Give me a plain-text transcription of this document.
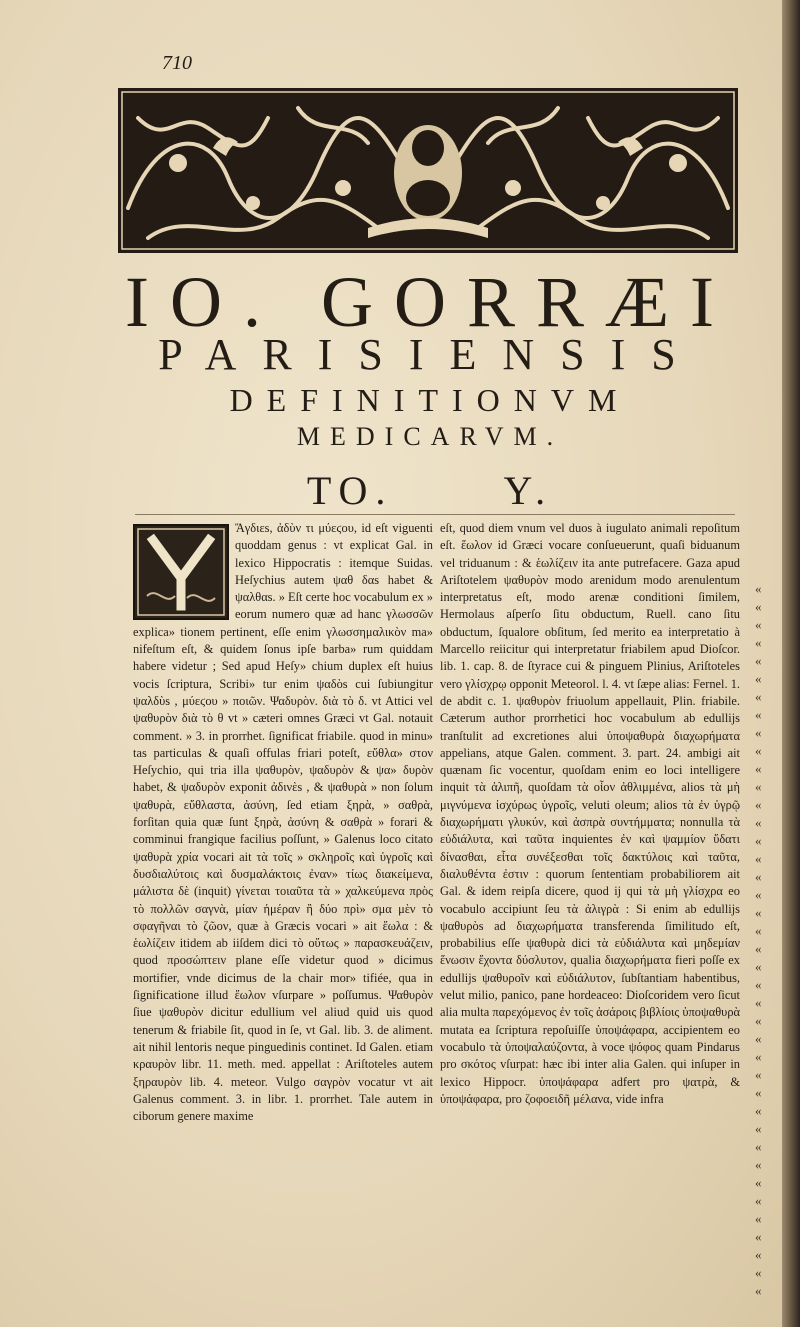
710
IO. GORRÆI
PARISIENSIS
DEFINITIONVM
MEDICARVM.
TO.	Y.

Ἄγδιεs, ἀδὺν τι μύεϛου, id eſt viguenti quoddam genus : vt explicat Gal. in lexico Hippocratis : itemque Suidas. Heſychius autem ψαθ δαs habet & ψαλθαs. » Eſt certe hoc vocabulum ex » eorum numero quæ ad hanc γλωσσῶν explica» tionem pertinent, eſſe enim γλωσσημαλικὸν ma» nifeſtum eſt, & quidem ſonus ipſe barba» rum quiddam habere videtur ; Sed apud Heſy» chium duplex eſt huius vocis ſcriptura, Scribi» tur enim ψαδὸs cui ſubiungitur ψαλδὺs , μύεϛου » ποιῶν. Ψαδυρὸν. διὰ τὸ δ. vt Attici vel ψαθυρὸν διὰ τὸ θ vt » cæteri omnes Græci vt Gal. notauit comment. » 3. in prorrhet. ſignificat friabile. quod in minu» tas particulas & quaſi offulas friari poteſt, εὔθλα» στον Heſychio, qui tria illa ψαθυρὸν, ψαδυρὸν & ψα» δυρὸν habet, & ψαδυρὸν exponit ἀδινὲs , & ψαθυρὰ » non ſolum ψαθυρὰ, εὔθλαστα, ἀσύνη, ſed etiam ξηρὰ, » σαθρὰ, forſitan quia quæ ſunt ξηρὰ, ἀσύνη & σαθρὰ » forari & comminui frangique facilius poſſunt, » Galenus loco citato ψαθυρὰ χρία vocari ait τὰ τοῖς » σκληροῖς καὶ ὑγροῖς καὶ δυσδιαλύτοις καὶ δυσμαλάκτοις ἐναν» τίως διακείμενα, μάλιστα δὲ (inquit) γίνεται τοιαῦτα τὰ » χαλκεύμενα πρὸς τὸ πολλῶν σαγνὰ, μίαν ἡμέραν ἢ δύο πρὶ» σμα μὲν τὸ σφαγῆναι τὸ ζῶον, quæ à Græcis vocari » ait ἕωλα : & ἑωλίζειν itidem ab iiſdem dici τὸ οὕτως » παρασκευάζειν, quod προσώπτειν plane eſſe videtur quod » dicimus mortifier, vnde dicimus de la chair mor» tifiée, qua in ſignificatione illud ἕωλον vſurpare » poſſumus. Ψαθυρὸν ſiue ψαθυρὸν dicitur edullium vel aliud quid uis quod tenerum & friabile ſit, quod in ſe, vt Gal. lib. 3. de aliment. ait nihil lentoris neque pinguedinis continet. Id Galen. etiam κραυρὸν libr. 11. meth. med. appellat : Ariſtoteles autem ξηραυρὸν lib. 4. meteor. Vulgo σαγρὸν vocatur vt ait Galenus comment. 3. in libr. 1. prorrhet. Tale autem in ciborum genere maxime

eſt, quod diem vnum vel duos à iugulato animali repoſitum eſt. ἕωλον id Græci vocare conſueuerunt, quaſi biduanum vel triduanum : & ἑωλίζειν ita ante putrefacere. Gaza apud Ariſtotelem ψαθυρὸν modo arenidum modo arenulentum interpretatus eſt, modo arenæ conditioni ſimilem, Hermolaus aſperſo ſitu obductum, Ruell. cano ſitu obductum, ſqualore obſitum, ſed merito ea interpretatio à Marcello reiicitur qui interpretatur friabilem apud Dioſcor. lib. 1. cap. 8. de ſtyrace cui & pinguem Plinius, Ariſtoteles vero γλίσχρῳ opponit Meteorol. l. 4. vt ſæpe alias: Fernel. 1. de abdit c. 1. ψαθυρὸν friuolum appellauit, Plin. friabile. Cæterum author prorrhetici hoc vocabulum ab edullijs tranſtulit ad excretiones alui ὑποψαθυρὰ διαχωρήματα appelians, atque Galen. comment. 3. part. 24. ambigi ait quænam ſic vocentur, quoſdam enim eo loci intelligere inquit τὰ ἀλιπῆ, quoſdam τὰ οἷον ἀθλιμμένα, alios τὰ μὴ μιγνύμενα ἰσχύρως ὑγροῖς, veluti oleum; alios τὰ ἐν ὑγρῷ διαχωρήματι γλυκύν, καὶ ἀσπρὰ συντήμματα; nonnulla τὰ εὐδιάλυτα, καὶ ταῦτα inquientes ἐν καὶ ψαμμίον ὕδατι δίνασθαι, εἶτα συνέξεσθαι τοῖς δακτύλοις καὶ ταῦτα, διαλυθέντα ἐστιν : quorum ſententiam probabiliorem ait Gal. & idem reipſa dicere, quod ij qui τὰ μὴ γλίσχρα eo vocabulo accipiunt ſeu τὰ ἀλιγρὰ : Si enim ab edullijs ψαθυρὸs ad διαχωρήματα transferenda ſimilitudo eſt, probabilius eſſe ψαθυρὰ dici τὰ εὐδιάλυτα καὶ μηδεμίαν ἕνωσιν ἔχοντα δύσλυτον, qualia διαχωρήματα fieri poſſe ex edullijs ψαθυροῖν καὶ εὐδιάλυτον, ſubſtantiam habentibus, velut milio, panico, pane hordeaceo: Dioſcoridem vero ſicut alia multa παρεχόμενος ἐν τοῖς ἀσάροις βιβλίοις ὑποψαθυρὰ mutata ea ſcriptura repoſuiſſe ὑποψάφαρα, accipientem eo vocabulo τὰ ὑποψαλαύζοντα, à voce ψόφος quam Pindarus pro σκότος vſurpat: hæc ibi inter alia Galen. qui inſuper in lexico Hippocr. ὑποψάφαρα adfert pro ψατρὰ, & ὑποψάφαρα, pro ζοφοειδῆ μέλανα, vide infra

«
«
«
«
«
«
«
«
«
«
«
«
«
«
«
«
«
«
«
«
«
«
«
«
«
«
«
«
«
«
«
«
«
«
«
«
«
«
«
«
